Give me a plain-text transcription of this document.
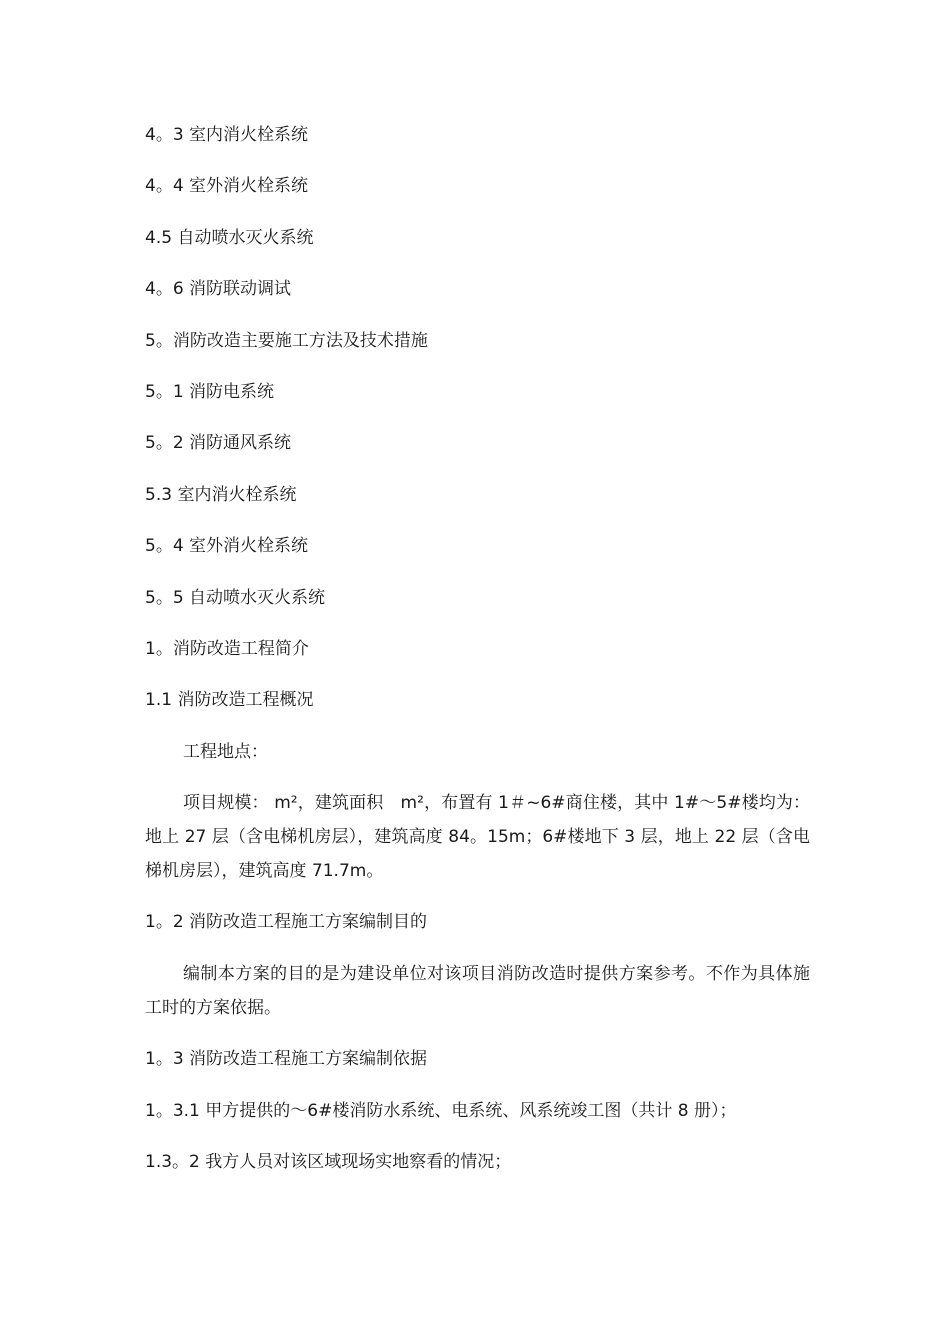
4。3 室内消火栓系统
4。4 室外消火栓系统
4.5 自动喷水灭火系统
4。6 消防联动调试
5。消防改造主要施工方法及技术措施
5。1 消防电系统
5。2 消防通风系统
5.3 室内消火栓系统
5。4 室外消火栓系统
5。5 自动喷水灭火系统
1。消防改造工程简介
1.1 消防改造工程概况
工程地点：
项目规模： m²，建筑面积　m²，布置有 1＃~6#商住楼，其中 1#～5#楼均为：地上 27 层（含电梯机房层），建筑高度 84。15m；6#楼地下 3 层，地上 22 层（含电梯机房层），建筑高度 71.7m。
1。2 消防改造工程施工方案编制目的
编制本方案的目的是为建设单位对该项目消防改造时提供方案参考。不作为具体施工时的方案依据。
1。3 消防改造工程施工方案编制依据
1。3.1 甲方提供的～6#楼消防水系统、电系统、风系统竣工图（共计 8 册）；
1.3。2 我方人员对该区域现场实地察看的情况；
